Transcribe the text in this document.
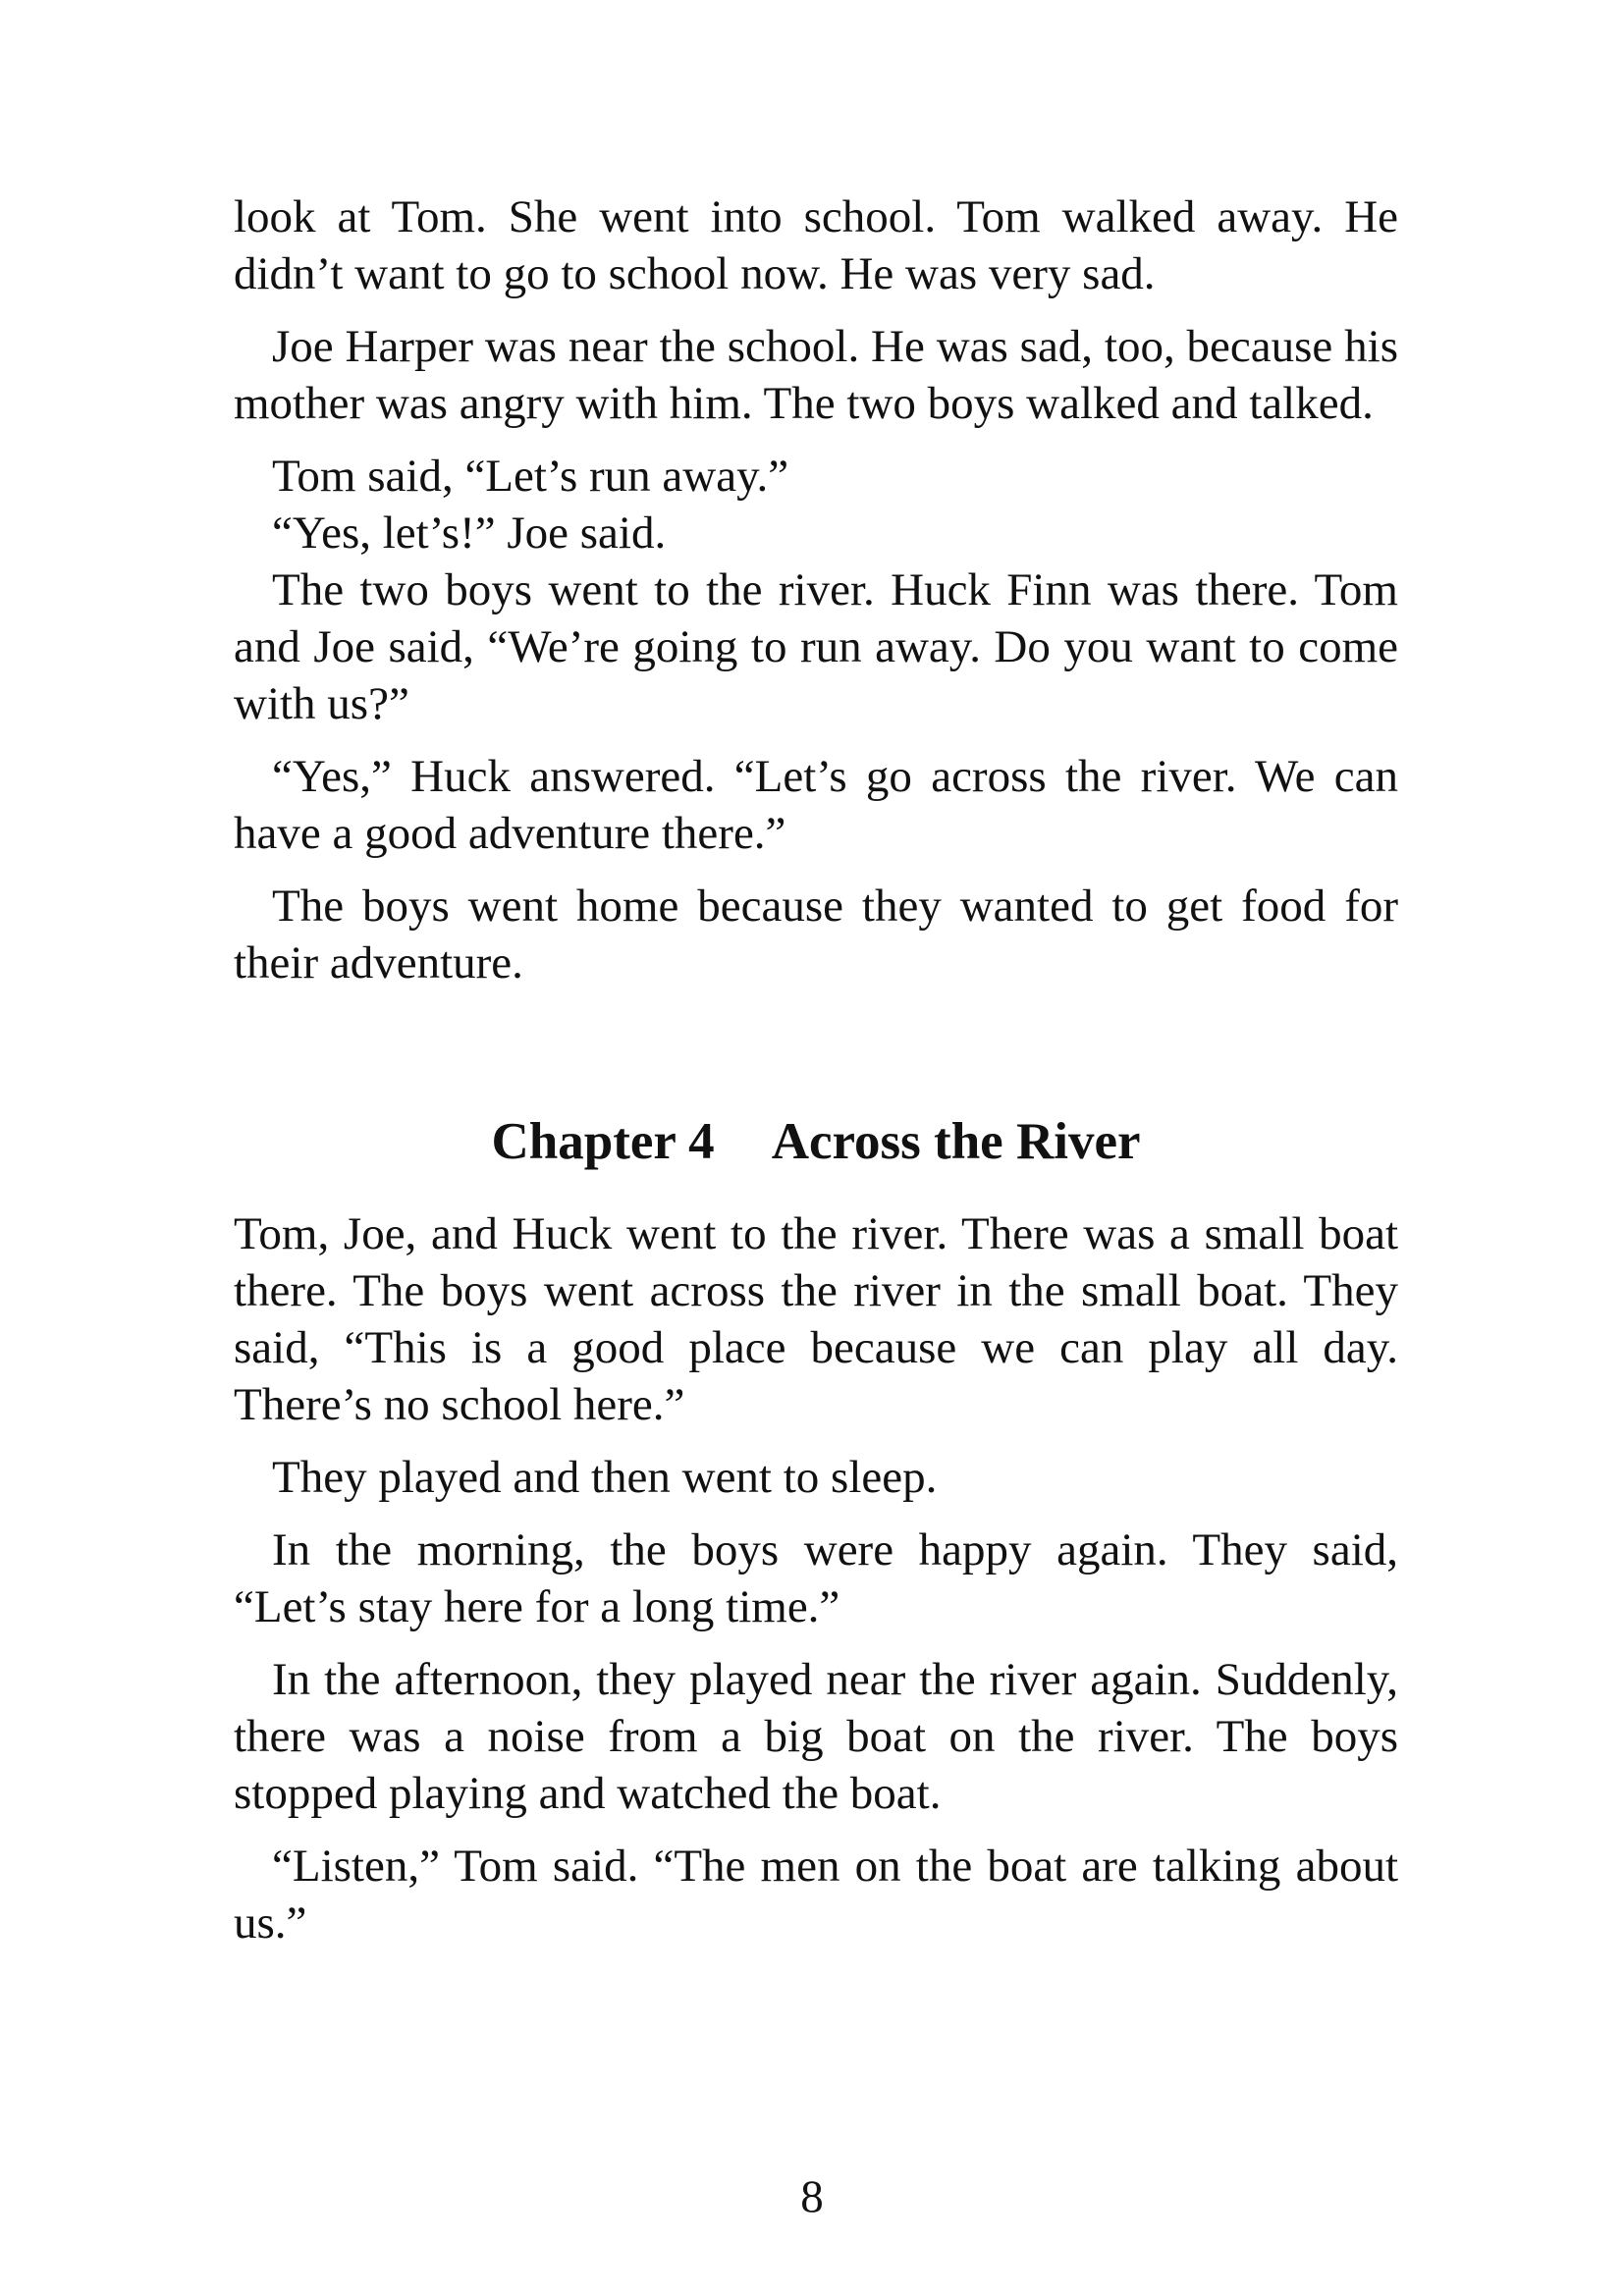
look at Tom. She went into school. Tom walked away. He didn’t want to go to school now. He was very sad.

Joe Harper was near the school. He was sad, too, because his mother was angry with him. The two boys walked and talked.

Tom said, “Let’s run away.”

“Yes, let’s!” Joe said.

The two boys went to the river. Huck Finn was there. Tom and Joe said, “We’re going to run away. Do you want to come with us?”

“Yes,” Huck answered. “Let’s go across the river. We can have a good adventure there.”

The boys went home because they wanted to get food for their adventure.

Chapter 4 Across the River

Tom, Joe, and Huck went to the river. There was a small boat there. The boys went across the river in the small boat. They said, “This is a good place because we can play all day. There’s no school here.”

They played and then went to sleep.

In the morning, the boys were happy again. They said, “Let’s stay here for a long time.”

In the afternoon, they played near the river again. Suddenly, there was a noise from a big boat on the river. The boys stopped playing and watched the boat.

“Listen,” Tom said. “The men on the boat are talking about us.”

8
